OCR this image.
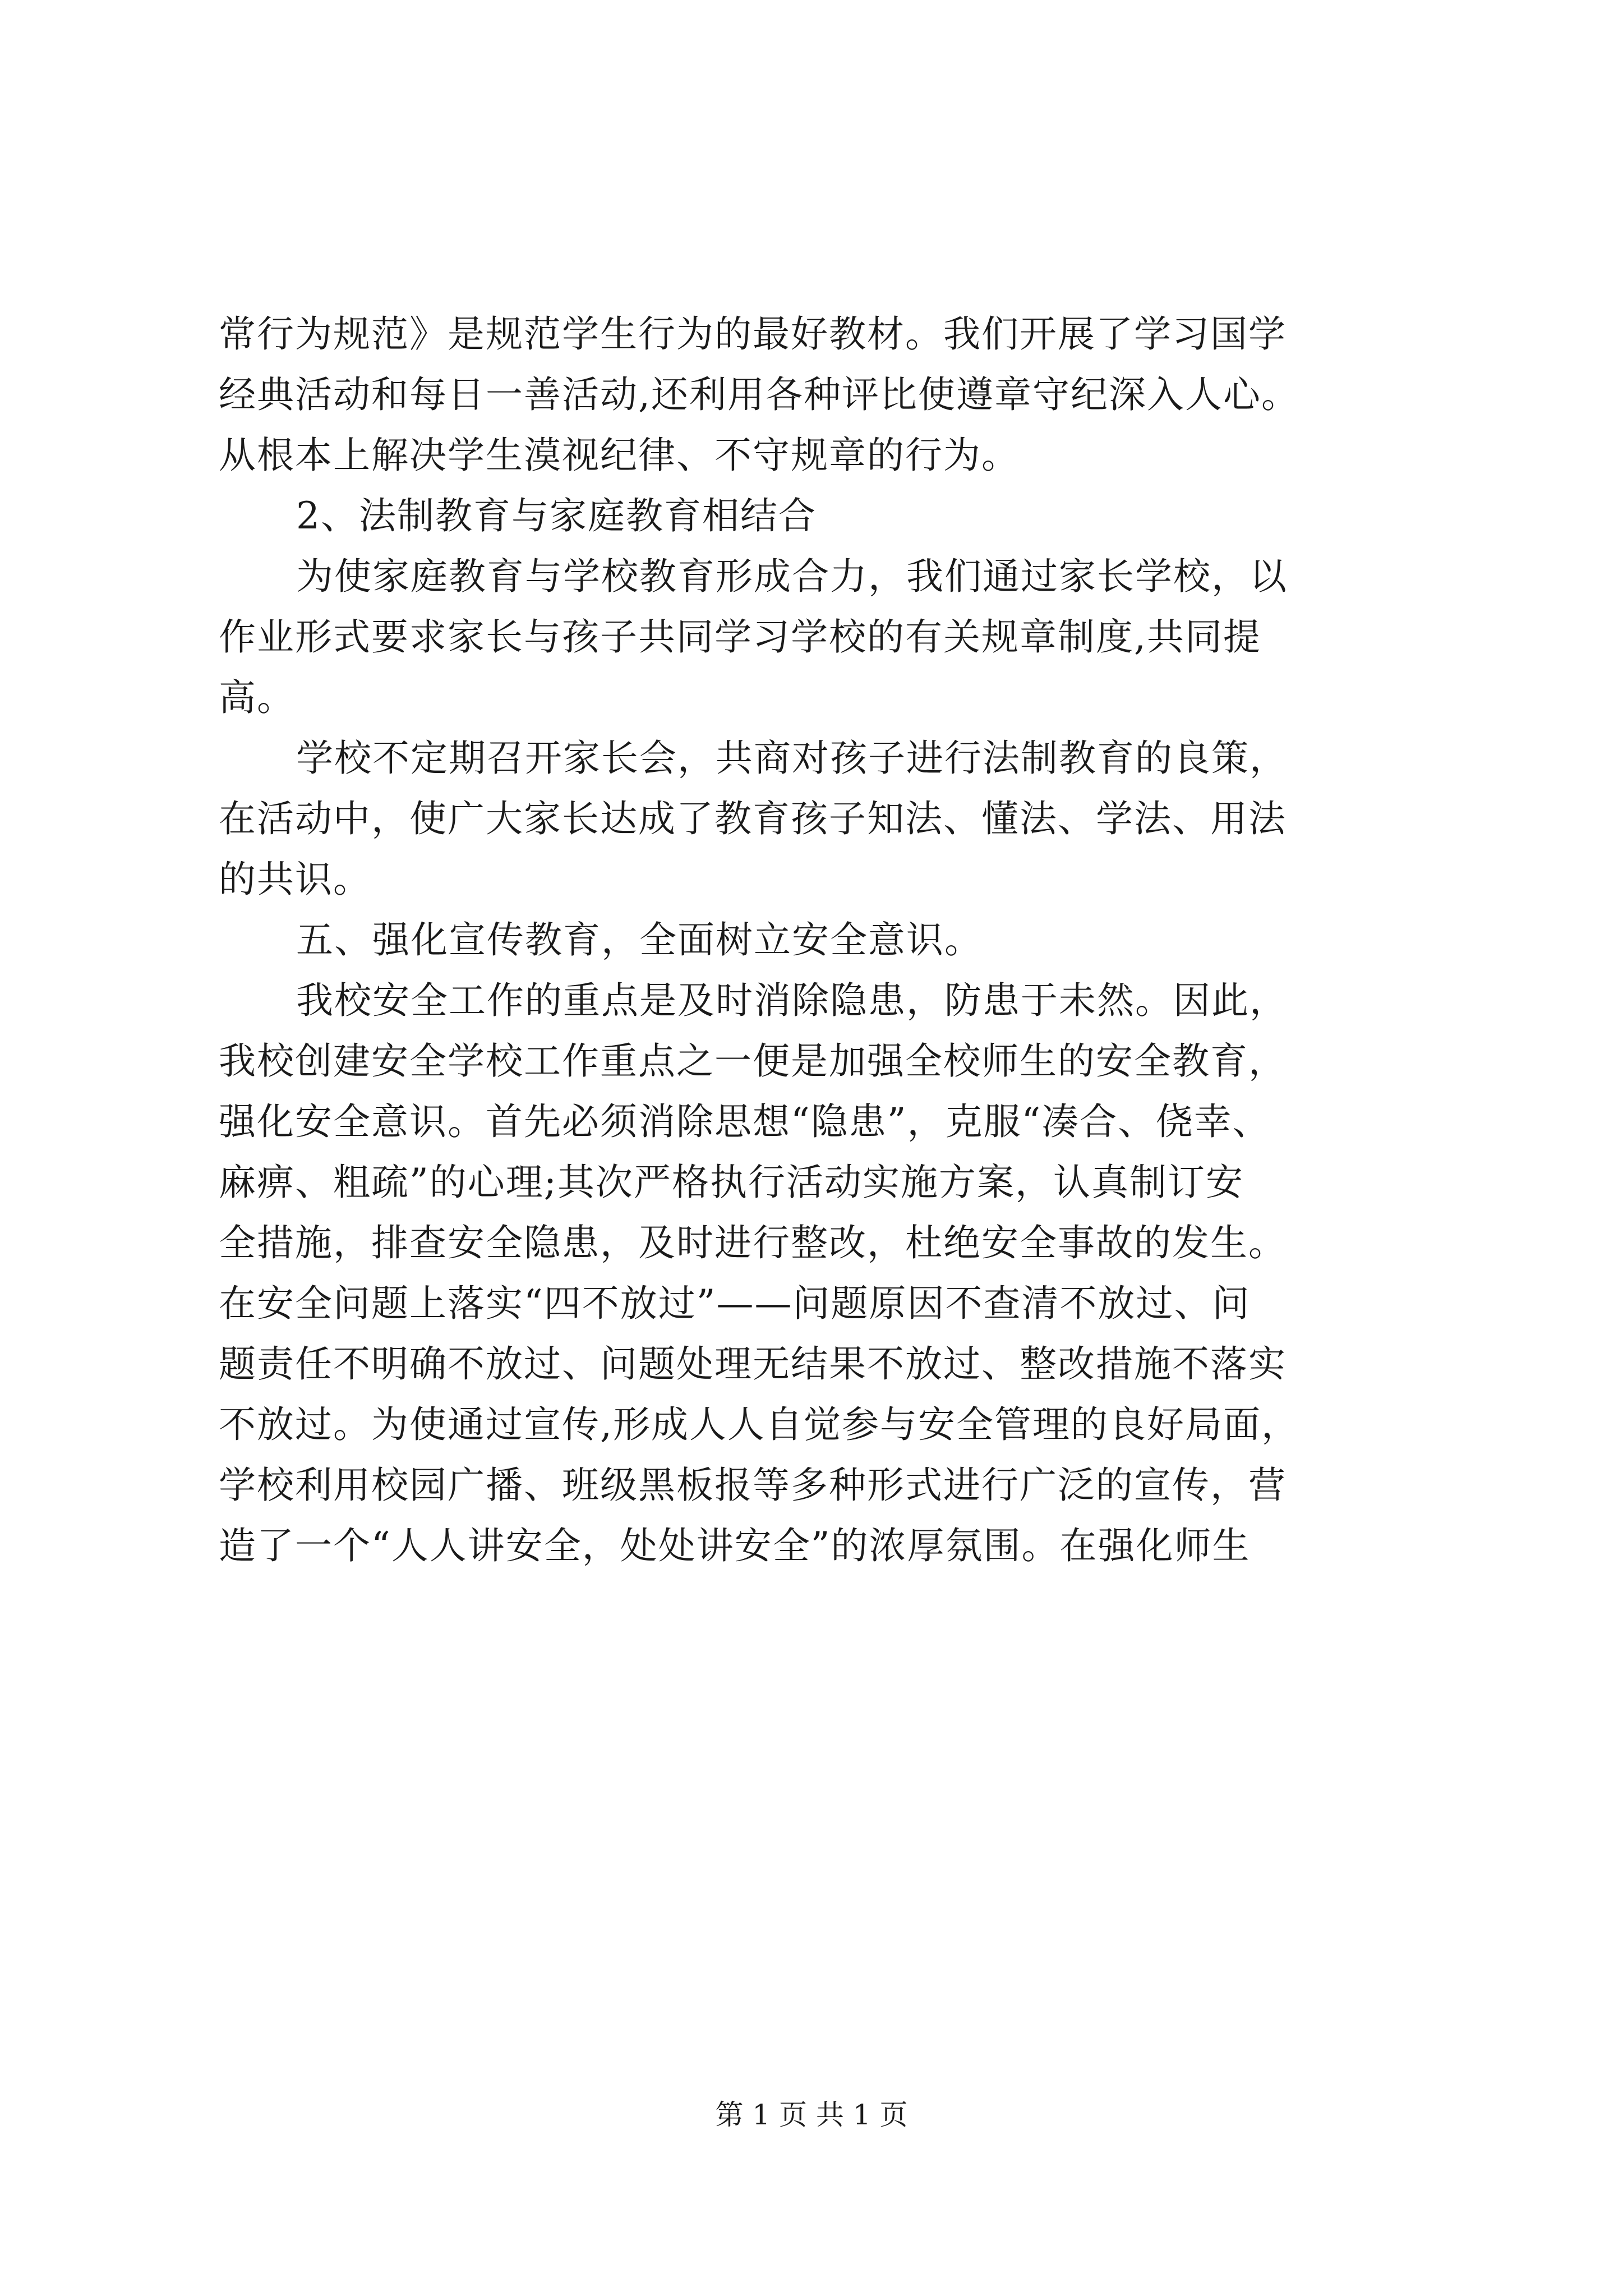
常行为规范》是规范学生行为的最好教材。我们开展了学习国学
经典活动和每日一善活动,还利用各种评比使遵章守纪深入人心。
从根本上解决学生漠视纪律、不守规章的行为。
2、法制教育与家庭教育相结合
为使家庭教育与学校教育形成合力，我们通过家长学校，以
作业形式要求家长与孩子共同学习学校的有关规章制度,共同提
高。
学校不定期召开家长会，共商对孩子进行法制教育的良策，
在活动中，使广大家长达成了教育孩子知法、懂法、学法、用法
的共识。
五、强化宣传教育，全面树立安全意识。
我校安全工作的重点是及时消除隐患，防患于未然。因此，
我校创建安全学校工作重点之一便是加强全校师生的安全教育，
强化安全意识。首先必须消除思想“隐患”，克服“凑合、侥幸、
麻痹、粗疏”的心理;其次严格执行活动实施方案，认真制订安
全措施，排查安全隐患，及时进行整改，杜绝安全事故的发生。
在安全问题上落实“四不放过”——问题原因不查清不放过、问
题责任不明确不放过、问题处理无结果不放过、整改措施不落实
不放过。为使通过宣传,形成人人自觉参与安全管理的良好局面，
学校利用校园广播、班级黑板报等多种形式进行广泛的宣传，营
造了一个“人人讲安全，处处讲安全”的浓厚氛围。在强化师生
第 1 页 共 1 页
